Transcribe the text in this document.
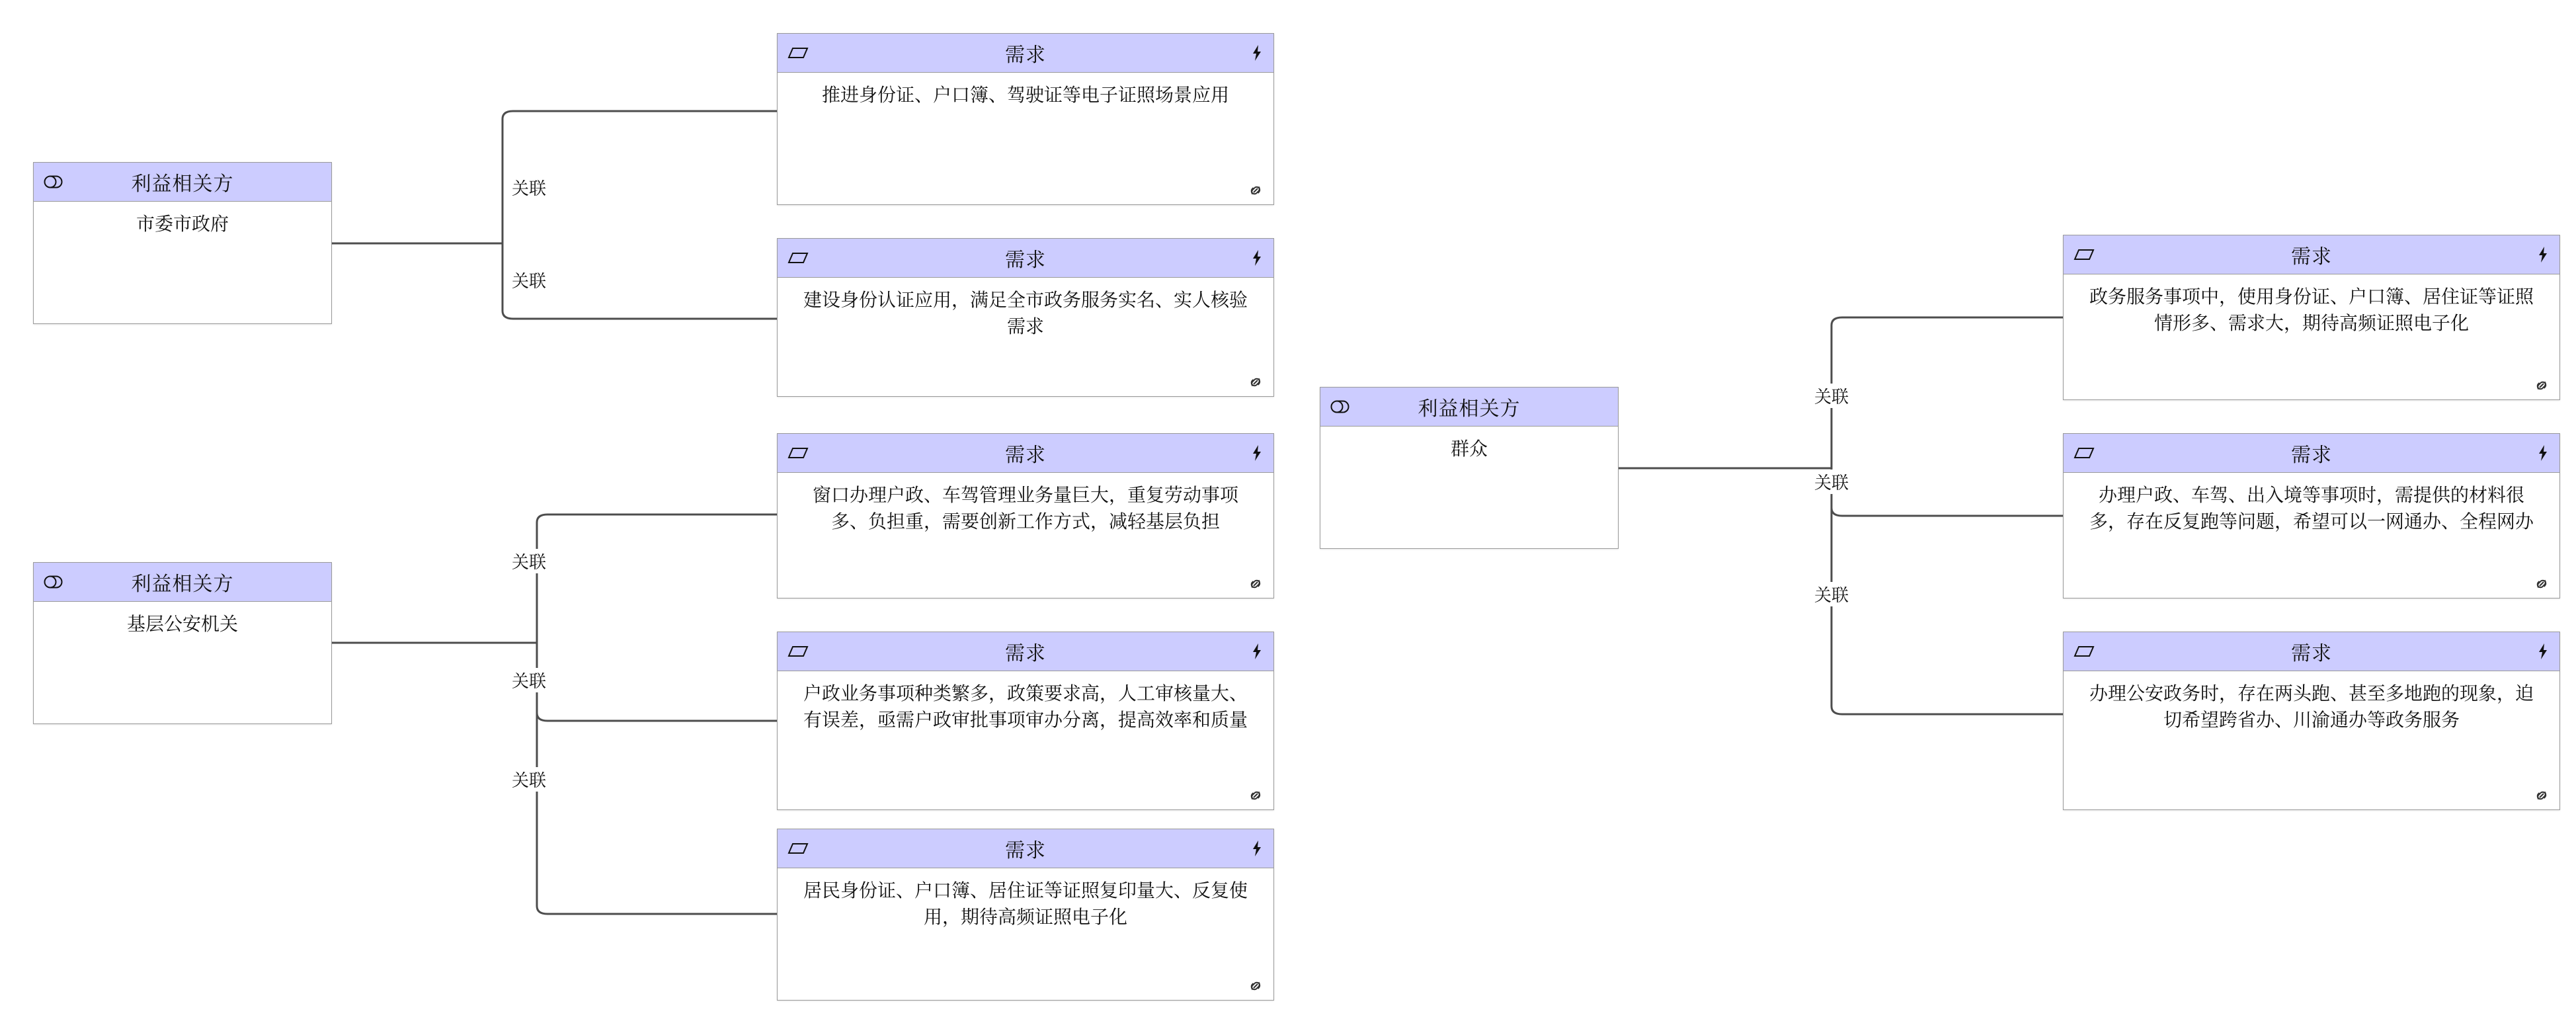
利益相关方
市委市政府
利益相关方
基层公安机关
利益相关方
群众
需求
推进身份证、户口簿、驾驶证等电子证照场景应用
需求
建设身份认证应用，满足全市政务服务实名、实人核验需求
需求
窗口办理户政、车驾管理业务量巨大，重复劳动事项多、负担重，需要创新工作方式，减轻基层负担
需求
户政业务事项种类繁多，政策要求高，人工审核量大、有误差，亟需户政审批事项审办分离，提高效率和质量
需求
居民身份证、户口簿、居住证等证照复印量大、反复使用，期待高频证照电子化
需求
政务服务事项中，使用身份证、户口簿、居住证等证照情形多、需求大，期待高频证照电子化
需求
办理户政、车驾、出入境等事项时，需提供的材料很多，存在反复跑等问题，希望可以一网通办、全程网办
需求
办理公安政务时，存在两头跑、甚至多地跑的现象，迫切希望跨省办、川渝通办等政务服务
关联
关联
关联
关联
关联
关联
关联
关联
